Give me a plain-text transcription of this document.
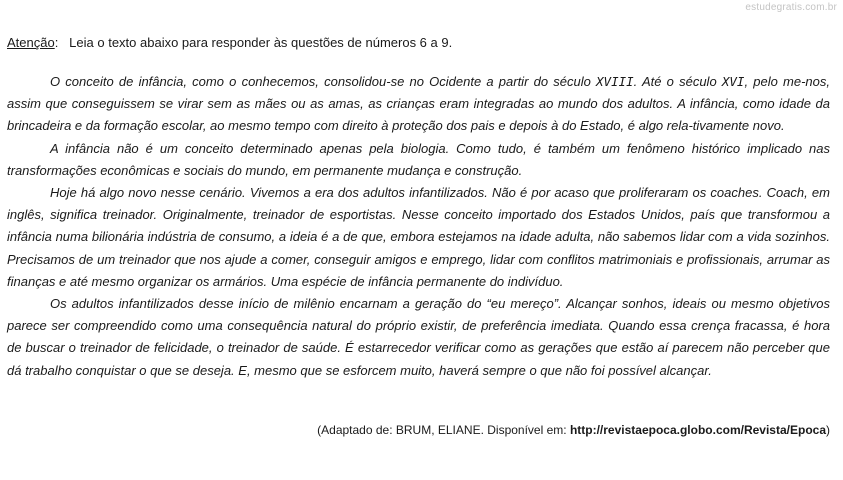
estudegratis.com.br
Atenção: Leia o texto abaixo para responder às questões de números 6 a 9.

O conceito de infância, como o conhecemos, consolidou-se no Ocidente a partir do século XVIII. Até o século XVI, pelo me-nos, assim que conseguissem se virar sem as mães ou as amas, as crianças eram integradas ao mundo dos adultos. A infância, como idade da brincadeira e da formação escolar, ao mesmo tempo com direito à proteção dos pais e depois à do Estado, é algo rela-tivamente novo.

A infância não é um conceito determinado apenas pela biologia. Como tudo, é também um fenômeno histórico implicado nas transformações econômicas e sociais do mundo, em permanente mudança e construção.

Hoje há algo novo nesse cenário. Vivemos a era dos adultos infantilizados. Não é por acaso que proliferaram os coaches. Coach, em inglês, significa treinador. Originalmente, treinador de esportistas. Nesse conceito importado dos Estados Unidos, país que transformou a infância numa bilionária indústria de consumo, a ideia é a de que, embora estejamos na idade adulta, não sabemos lidar com a vida sozinhos. Precisamos de um treinador que nos ajude a comer, conseguir amigos e emprego, lidar com conflitos matrimoniais e profissionais, arrumar as finanças e até mesmo organizar os armários. Uma espécie de infância permanente do indivíduo.

Os adultos infantilizados desse início de milênio encarnam a geração do “eu mereço”. Alcançar sonhos, ideais ou mesmo objetivos parece ser compreendido como uma consequência natural do próprio existir, de preferência imediata. Quando essa crença fracassa, é hora de buscar o treinador de felicidade, o treinador de saúde. É estarrecedor verificar como as gerações que estão aí parecem não perceber que dá trabalho conquistar o que se deseja. E, mesmo que se esforcem muito, haverá sempre o que não foi possível alcançar.

(Adaptado de: BRUM, ELIANE. Disponível em: http://revistaepoca.globo.com/Revista/Epoca)
